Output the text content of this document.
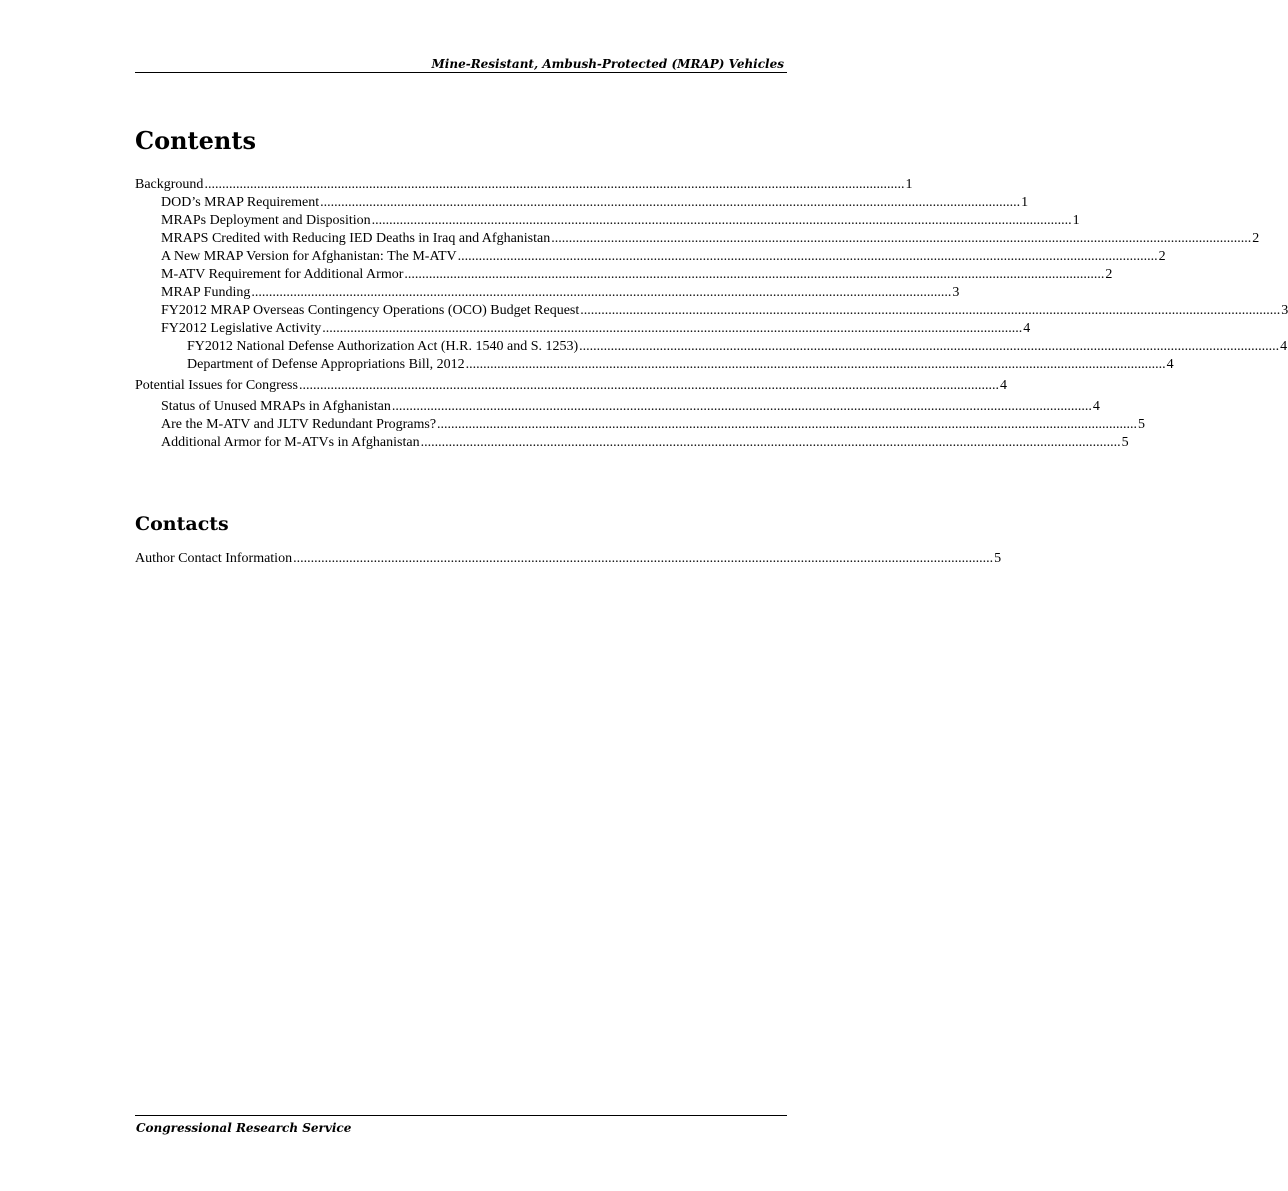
Mine-Resistant, Ambush-Protected (MRAP) Vehicles
Contents
Background ........................................................................................................................................................................................................ 1
DOD’s MRAP Requirement ........................................................................................................................................................................................................ 1
MRAPs Deployment and Disposition ........................................................................................................................................................................................................ 1
MRAPS Credited with Reducing IED Deaths in Iraq and Afghanistan ........................................................................................................................................................................................................ 2
A New MRAP Version for Afghanistan: The M-ATV ........................................................................................................................................................................................................ 2
M-ATV Requirement for Additional Armor ........................................................................................................................................................................................................ 2
MRAP Funding ........................................................................................................................................................................................................ 3
FY2012 MRAP Overseas Contingency Operations (OCO) Budget Request ........................................................................................................................................................................................................ 3
FY2012 Legislative Activity ........................................................................................................................................................................................................ 4
FY2012 National Defense Authorization Act (H.R. 1540 and S. 1253) ........................................................................................................................................................................................................ 4
Department of Defense Appropriations Bill, 2012 ........................................................................................................................................................................................................ 4
Potential Issues for Congress ........................................................................................................................................................................................................ 4
Status of Unused MRAPs in Afghanistan ........................................................................................................................................................................................................ 4
Are the M-ATV and JLTV Redundant Programs? ........................................................................................................................................................................................................ 5
Additional Armor for M-ATVs in Afghanistan ........................................................................................................................................................................................................ 5
Contacts
Author Contact Information ........................................................................................................................................................................................................ 5
Congressional Research Service
